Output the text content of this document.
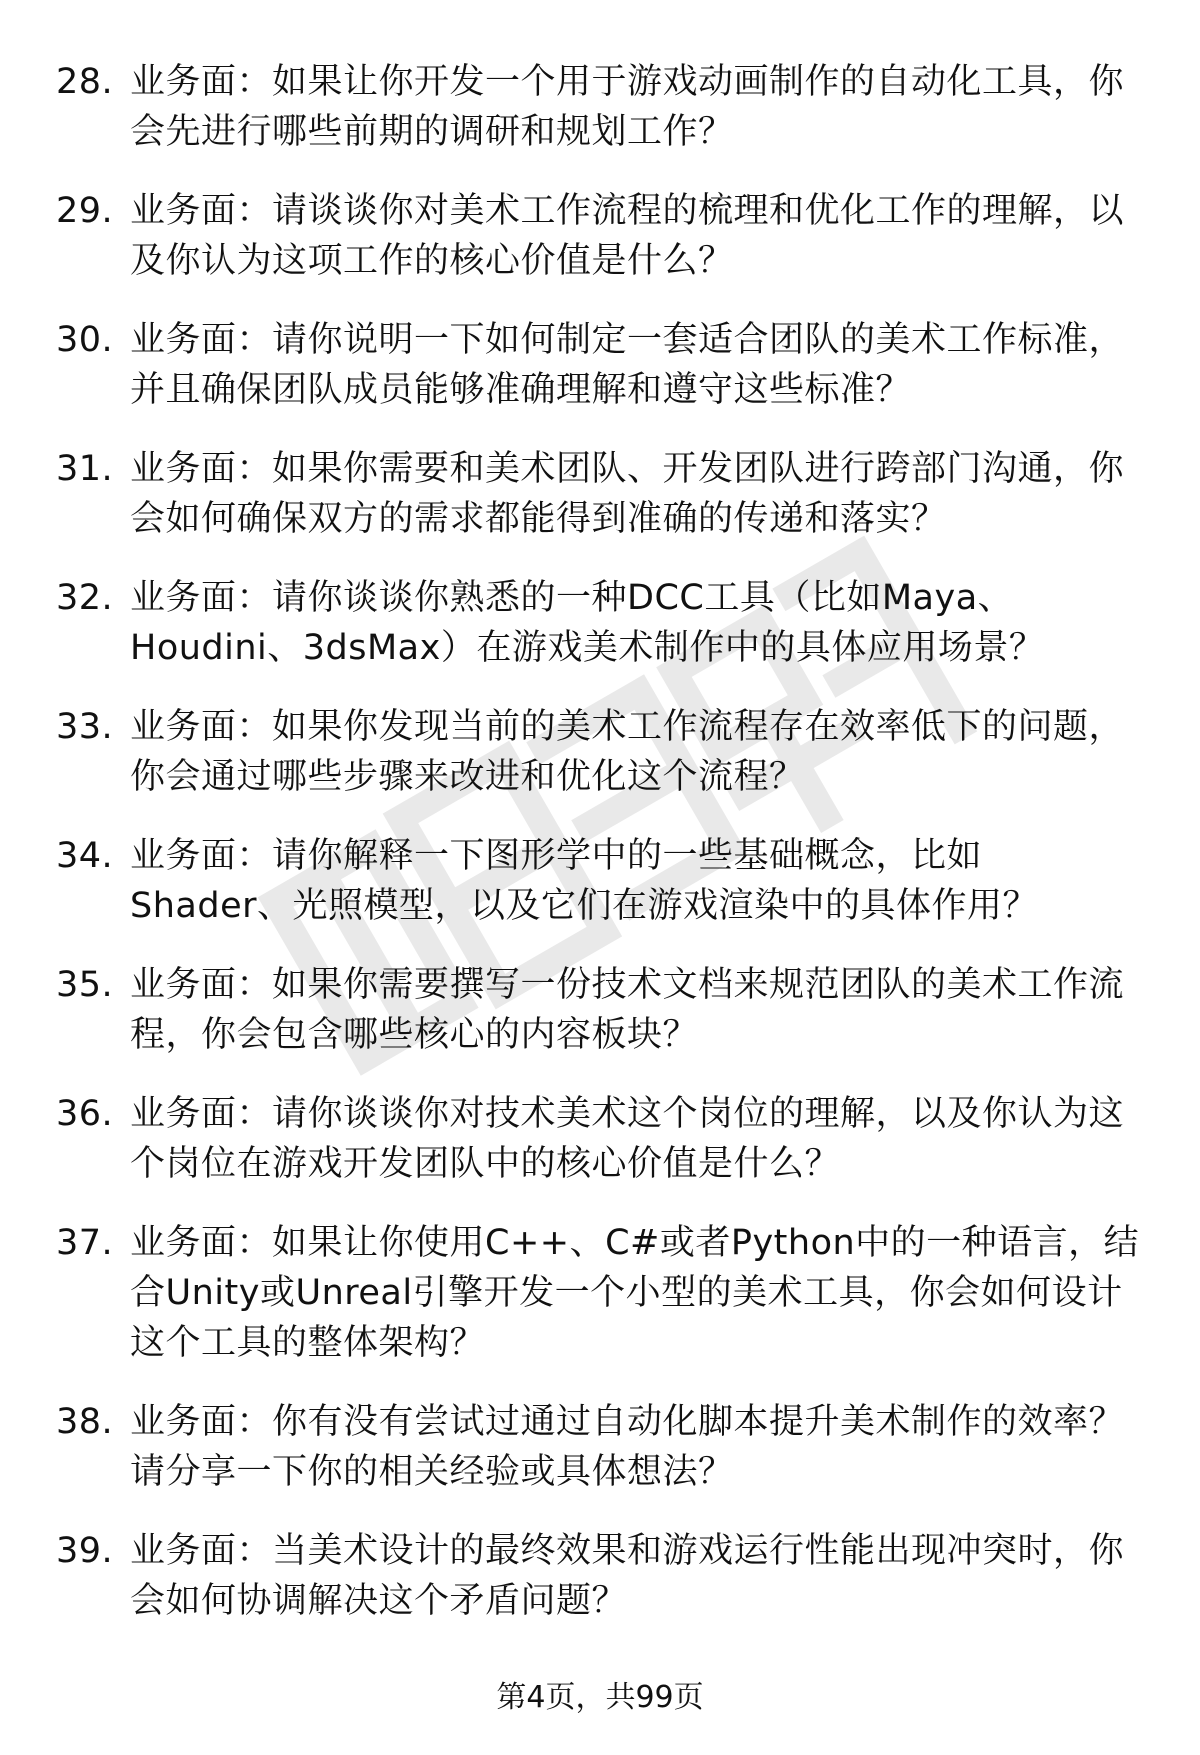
28. 业务面：如果让你开发一个用于游戏动画制作的自动化工具，你会先进行哪些前期的调研和规划工作？
29. 业务面：请谈谈你对美术工作流程的梳理和优化工作的理解，以及你认为这项工作的核心价值是什么？
30. 业务面：请你说明一下如何制定一套适合团队的美术工作标准，并且确保团队成员能够准确理解和遵守这些标准？
31. 业务面：如果你需要和美术团队、开发团队进行跨部门沟通，你会如何确保双方的需求都能得到准确的传递和落实？
32. 业务面：请你谈谈你熟悉的一种DCC工具（比如Maya、Houdini、3dsMax）在游戏美术制作中的具体应用场景？
33. 业务面：如果你发现当前的美术工作流程存在效率低下的问题，你会通过哪些步骤来改进和优化这个流程？
34. 业务面：请你解释一下图形学中的一些基础概念，比如Shader、光照模型，以及它们在游戏渲染中的具体作用？
35. 业务面：如果你需要撰写一份技术文档来规范团队的美术工作流程，你会包含哪些核心的内容板块？
36. 业务面：请你谈谈你对技术美术这个岗位的理解，以及你认为这个岗位在游戏开发团队中的核心价值是什么？
37. 业务面：如果让你使用C++、C#或者Python中的一种语言，结合Unity或Unreal引擎开发一个小型的美术工具，你会如何设计这个工具的整体架构？
38. 业务面：你有没有尝试过通过自动化脚本提升美术制作的效率？请分享一下你的相关经验或具体想法？
39. 业务面：当美术设计的最终效果和游戏运行性能出现冲突时，你会如何协调解决这个矛盾问题？
第4页，共99页
